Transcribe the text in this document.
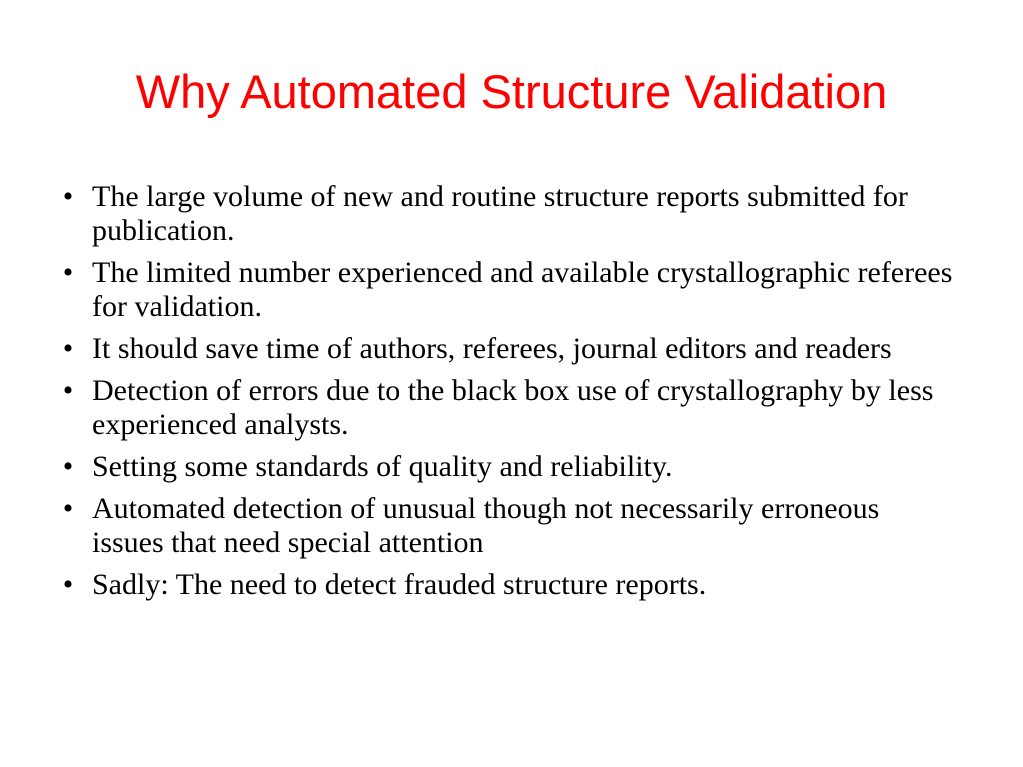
Why Automated Structure Validation
• The large volume of new and routine structure reports submitted for publication.
• The limited number experienced and available crystallographic referees for validation.
• It should save time of authors, referees, journal editors and readers
• Detection of errors due to the black box use of crystallography by less experienced analysts.
• Setting some standards of quality and reliability.
• Automated detection of unusual though not necessarily erroneous issues that need special attention
• Sadly: The need to detect frauded structure reports.
